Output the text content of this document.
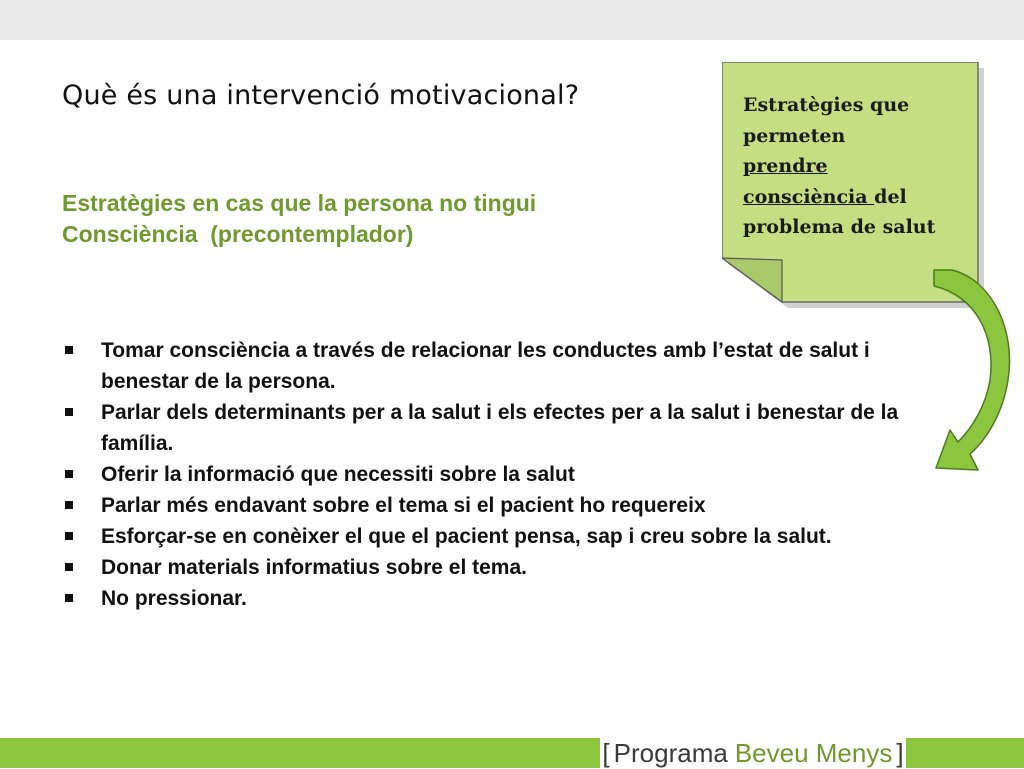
Què és una intervenció motivacional?
Estratègies en cas que la persona no tingui
Consciència  (precontemplador)
Tomar consciència a través de relacionar les conductes amb l’estat de salut i benestar de la persona.
Parlar dels determinants per a la salut i els efectes per a la salut i benestar de la família.
Oferir la informació que necessiti sobre la salut
Parlar més endavant sobre el tema si el pacient ho requereix
Esforçar-se en conèixer el que el pacient pensa, sap i creu sobre la salut.
Donar materials informatius sobre el tema.
No pressionar.
Estratègies que
permeten
prendre
consciència del
problema de salut
[ Programa Beveu Menys ]
